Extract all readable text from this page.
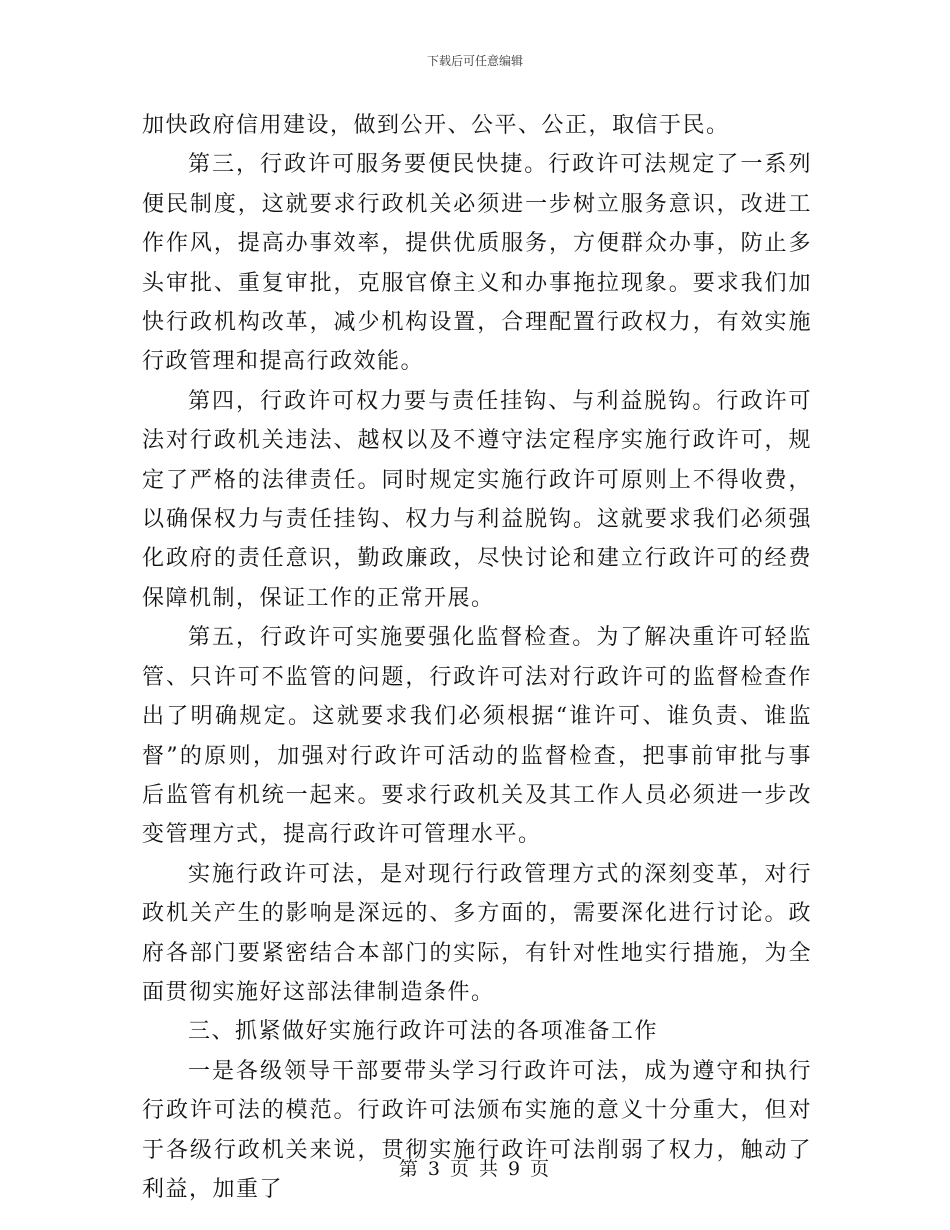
下载后可任意编辑

加快政府信用建设，做到公开、公平、公正，取信于民。

第三，行政许可服务要便民快捷。行政许可法规定了一系列便民制度，这就要求行政机关必须进一步树立服务意识，改进工作作风，提高办事效率，提供优质服务，方便群众办事，防止多头审批、重复审批，克服官僚主义和办事拖拉现象。要求我们加快行政机构改革，减少机构设置，合理配置行政权力，有效实施行政管理和提高行政效能。

第四，行政许可权力要与责任挂钩、与利益脱钩。行政许可法对行政机关违法、越权以及不遵守法定程序实施行政许可，规定了严格的法律责任。同时规定实施行政许可原则上不得收费，以确保权力与责任挂钩、权力与利益脱钩。这就要求我们必须强化政府的责任意识，勤政廉政，尽快讨论和建立行政许可的经费保障机制，保证工作的正常开展。

第五，行政许可实施要强化监督检查。为了解决重许可轻监管、只许可不监管的问题，行政许可法对行政许可的监督检查作出了明确规定。这就要求我们必须根据“谁许可、谁负责、谁监督”的原则，加强对行政许可活动的监督检查，把事前审批与事后监管有机统一起来。要求行政机关及其工作人员必须进一步改变管理方式，提高行政许可管理水平。

实施行政许可法，是对现行行政管理方式的深刻变革，对行政机关产生的影响是深远的、多方面的，需要深化进行讨论。政府各部门要紧密结合本部门的实际，有针对性地实行措施，为全面贯彻实施好这部法律制造条件。

三、抓紧做好实施行政许可法的各项准备工作

一是各级领导干部要带头学习行政许可法，成为遵守和执行行政许可法的模范。行政许可法颁布实施的意义十分重大，但对于各级行政机关来说，贯彻实施行政许可法削弱了权力，触动了利益，加重了

第 3 页 共 9 页
